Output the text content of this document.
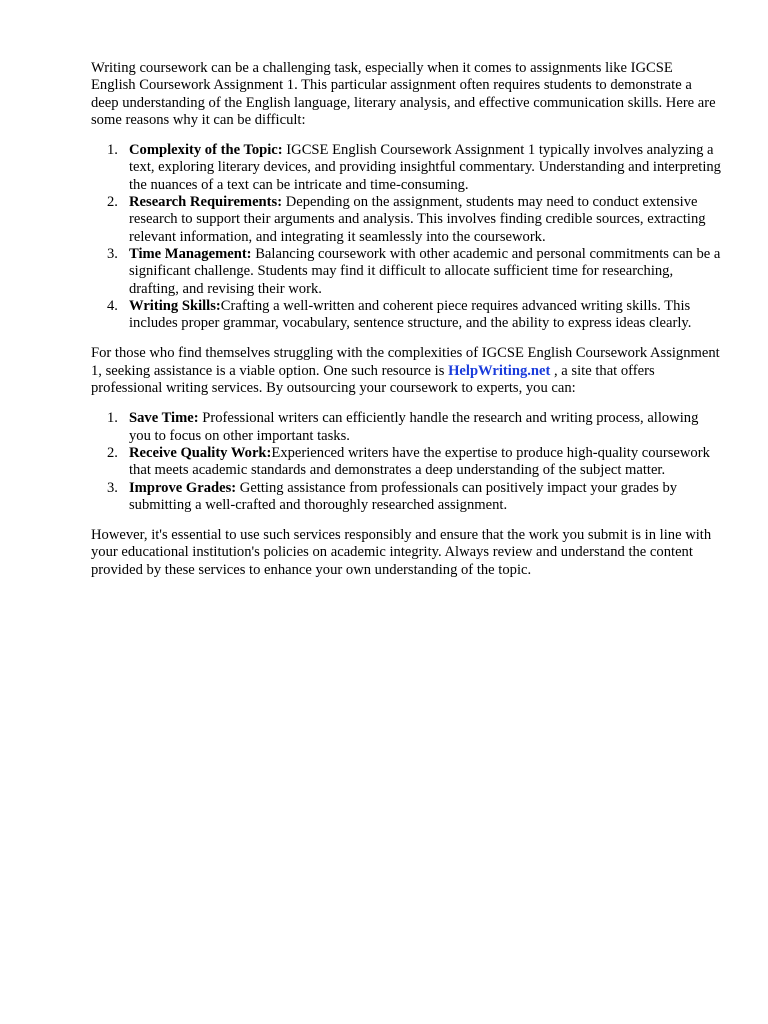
Writing coursework can be a challenging task, especially when it comes to assignments like IGCSE English Coursework Assignment 1. This particular assignment often requires students to demonstrate a deep understanding of the English language, literary analysis, and effective communication skills. Here are some reasons why it can be difficult:

1. Complexity of the Topic: IGCSE English Coursework Assignment 1 typically involves analyzing a text, exploring literary devices, and providing insightful commentary. Understanding and interpreting the nuances of a text can be intricate and time-consuming.
2. Research Requirements: Depending on the assignment, students may need to conduct extensive research to support their arguments and analysis. This involves finding credible sources, extracting relevant information, and integrating it seamlessly into the coursework.
3. Time Management: Balancing coursework with other academic and personal commitments can be a significant challenge. Students may find it difficult to allocate sufficient time for researching, drafting, and revising their work.
4. Writing Skills:Crafting a well-written and coherent piece requires advanced writing skills. This includes proper grammar, vocabulary, sentence structure, and the ability to express ideas clearly.

For those who find themselves struggling with the complexities of IGCSE English Coursework Assignment 1, seeking assistance is a viable option. One such resource is HelpWriting.net , a site that offers professional writing services. By outsourcing your coursework to experts, you can:

1. Save Time: Professional writers can efficiently handle the research and writing process, allowing you to focus on other important tasks.
2. Receive Quality Work:Experienced writers have the expertise to produce high-quality coursework that meets academic standards and demonstrates a deep understanding of the subject matter.
3. Improve Grades: Getting assistance from professionals can positively impact your grades by submitting a well-crafted and thoroughly researched assignment.

However, it's essential to use such services responsibly and ensure that the work you submit is in line with your educational institution's policies on academic integrity. Always review and understand the content provided by these services to enhance your own understanding of the topic.
